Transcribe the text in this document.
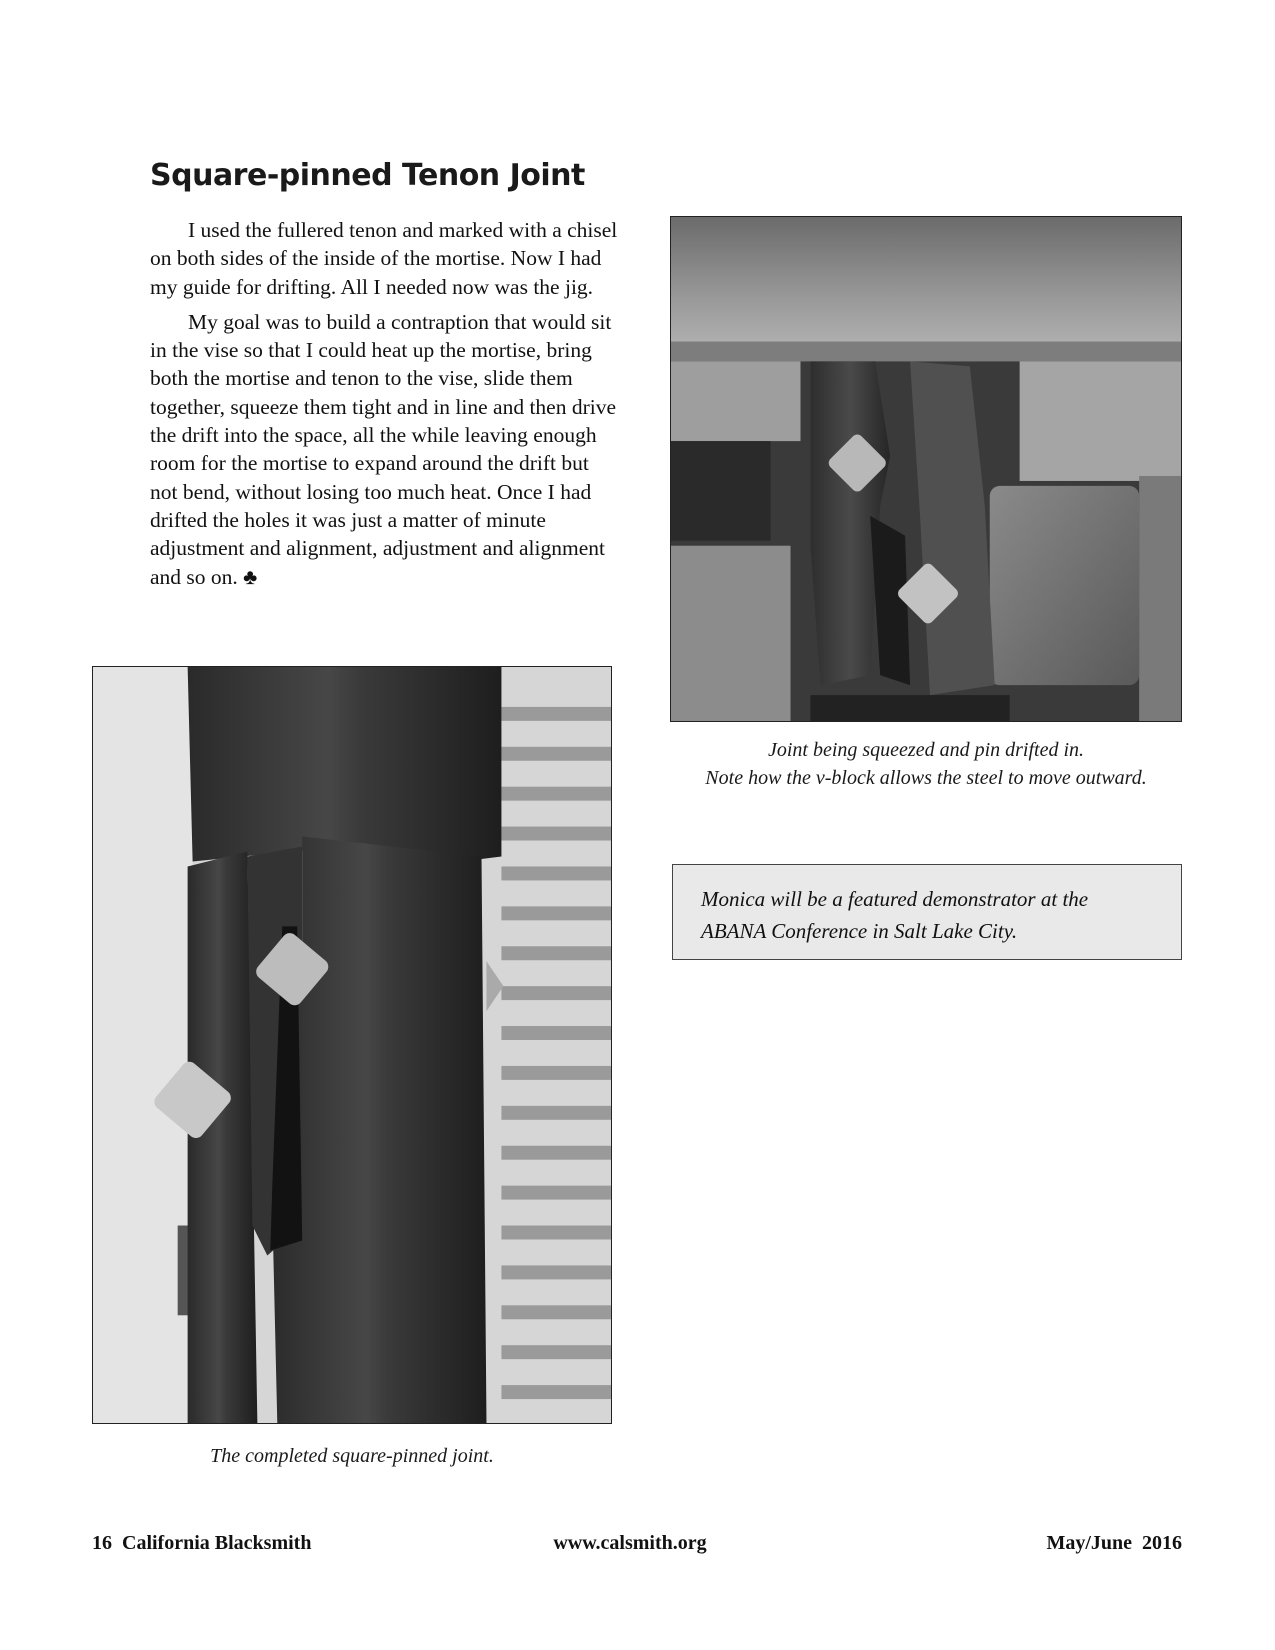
Square-pinned Tenon Joint

I used the fullered tenon and marked with a chisel on both sides of the inside of the mortise. Now I had my guide for drifting. All I needed now was the jig.

My goal was to build a contraption that would sit in the vise so that I could heat up the mortise, bring both the mortise and tenon to the vise, slide them together, squeeze them tight and in line and then drive the drift into the space, all the while leaving enough room for the mortise to expand around the drift but not bend, without losing too much heat. Once I had drifted the holes it was just a matter of minute adjustment and alignment, adjustment and alignment and so on. ♣

Joint being squeezed and pin drifted in.
Note how the v-block allows the steel to move outward.
Monica will be a featured demonstrator at the ABANA Conference in Salt Lake City.
The completed square-pinned joint.
16  California Blacksmith	www.calsmith.org	May/June  2016
